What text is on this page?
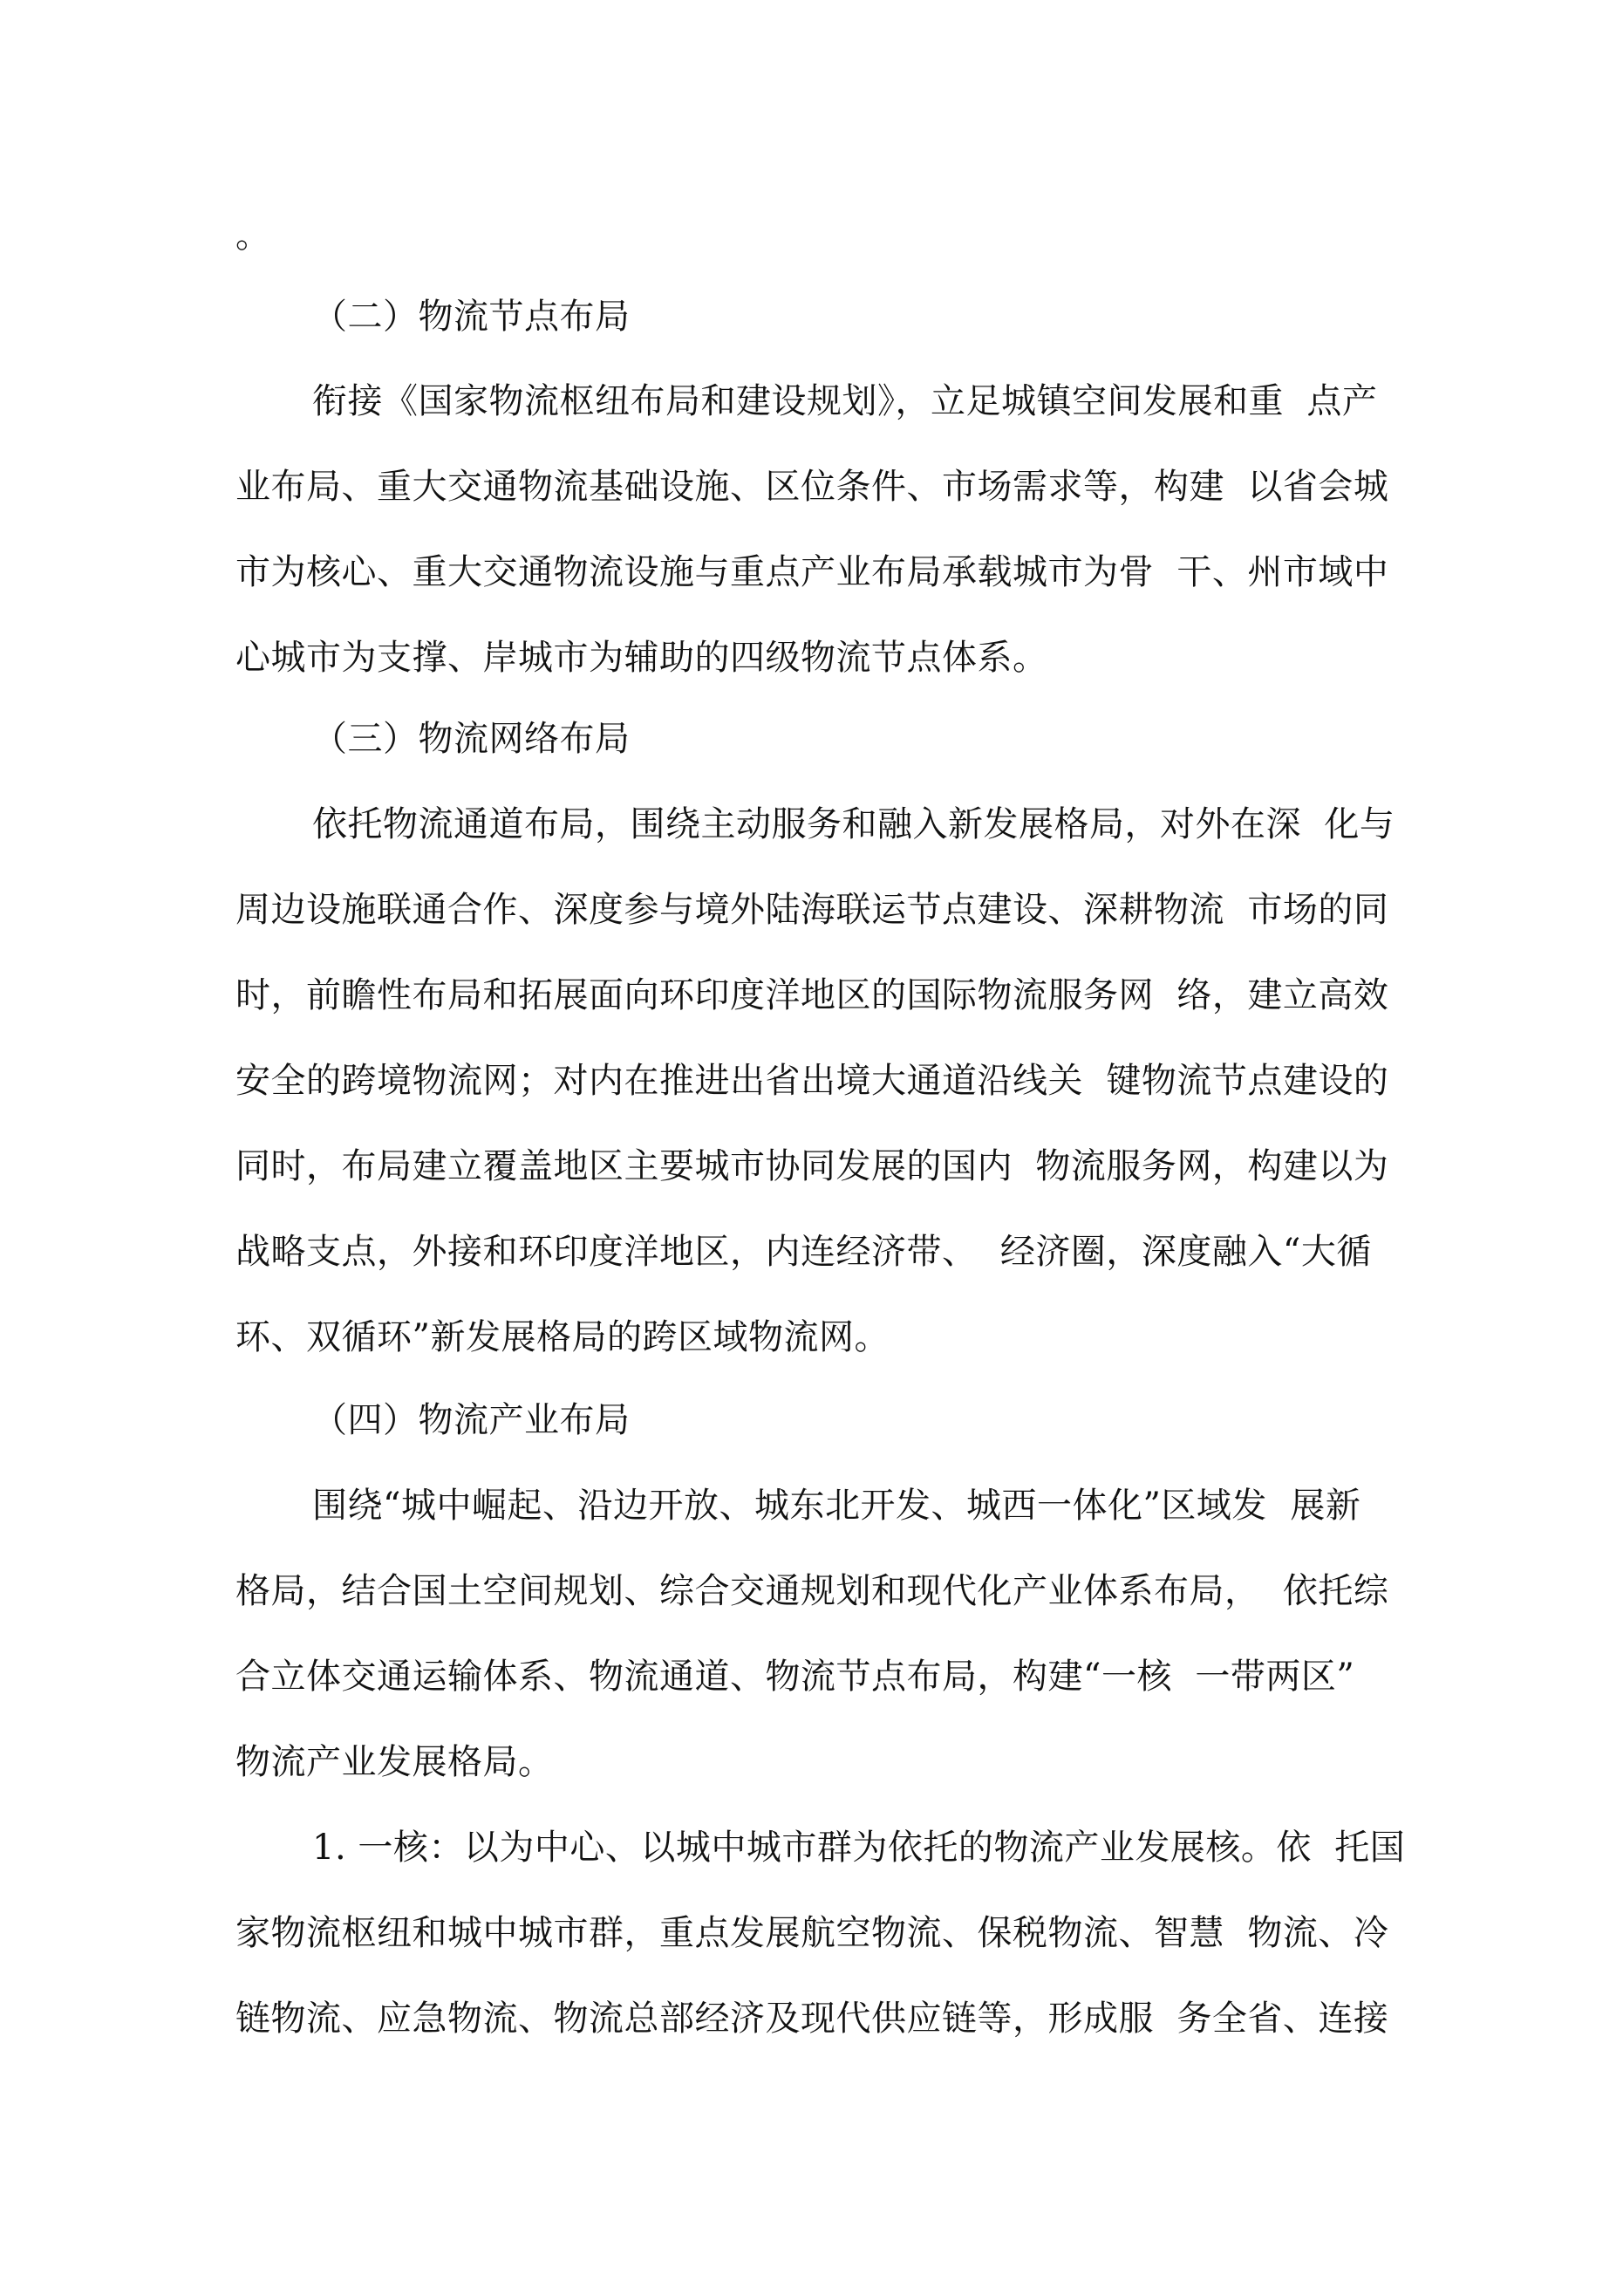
。
（二）物流节点布局
衔接《国家物流枢纽布局和建设规划》，立足城镇空间发展和重  点产
业布局、重大交通物流基础设施、区位条件、市场需求等，构建  以省会城
市为核心、重大交通物流设施与重点产业布局承载城市为骨  干、州市域中
心城市为支撑、岸城市为辅助的四级物流节点体系。
（三）物流网络布局
依托物流通道布局，围绕主动服务和融入新发展格局，对外在深  化与
周边设施联通合作、深度参与境外陆海联运节点建设、深耕物流  市场的同
时，前瞻性布局和拓展面向环印度洋地区的国际物流服务网  络，建立高效
安全的跨境物流网；对内在推进出省出境大通道沿线关  键物流节点建设的
同时，布局建立覆盖地区主要城市协同发展的国内  物流服务网，构建以为
战略支点，外接和环印度洋地区，内连经济带、  经济圈，深度融入“大循
环、双循环”新发展格局的跨区域物流网。
（四）物流产业布局
围绕“城中崛起、沿边开放、城东北开发、城西一体化”区域发  展新
格局，结合国土空间规划、综合交通规划和现代化产业体系布局，  依托综
合立体交通运输体系、物流通道、物流节点布局，构建“一核  一带两区”
物流产业发展格局。
1. 一核：以为中心、以城中城市群为依托的物流产业发展核。依  托国
家物流枢纽和城中城市群，重点发展航空物流、保税物流、智慧  物流、冷
链物流、应急物流、物流总部经济及现代供应链等，形成服  务全省、连接
